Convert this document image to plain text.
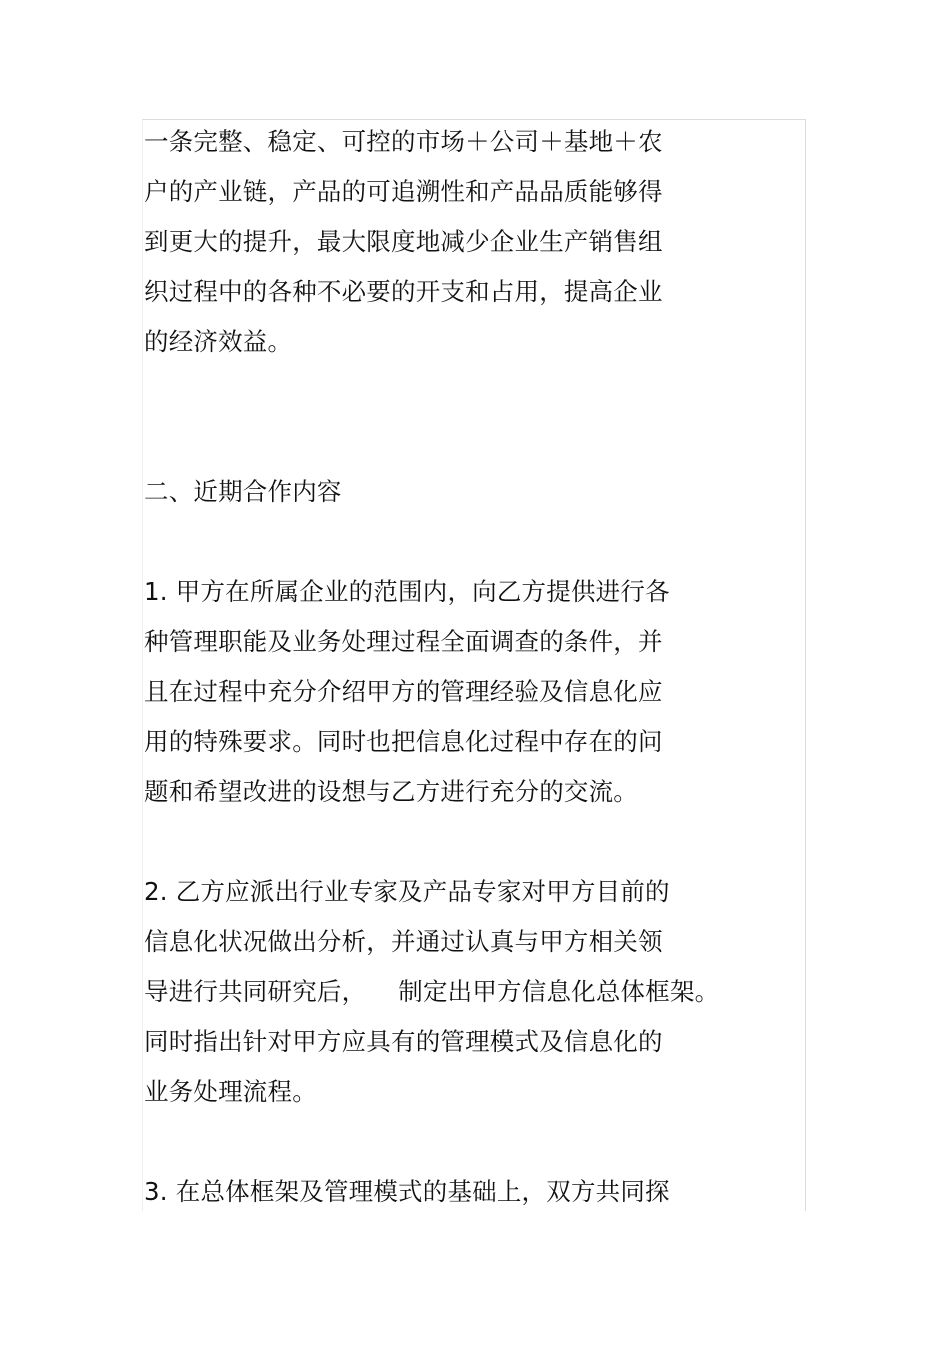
一条完整、稳定、可控的市场＋公司＋基地＋农
户的产业链，产品的可追溯性和产品品质能够得
到更大的提升，最大限度地减少企业生产销售组
织过程中的各种不必要的开支和占用，提高企业
的经济效益。
二、近期合作内容
1. 甲方在所属企业的范围内，向乙方提供进行各
种管理职能及业务处理过程全面调查的条件，并
且在过程中充分介绍甲方的管理经验及信息化应
用的特殊要求。同时也把信息化过程中存在的问
题和希望改进的设想与乙方进行充分的交流。
2. 乙方应派出行业专家及产品专家对甲方目前的
信息化状况做出分析，并通过认真与甲方相关领
导进行共同研究后，    制定出甲方信息化总体框架。
同时指出针对甲方应具有的管理模式及信息化的
业务处理流程。
3. 在总体框架及管理模式的基础上，双方共同探
